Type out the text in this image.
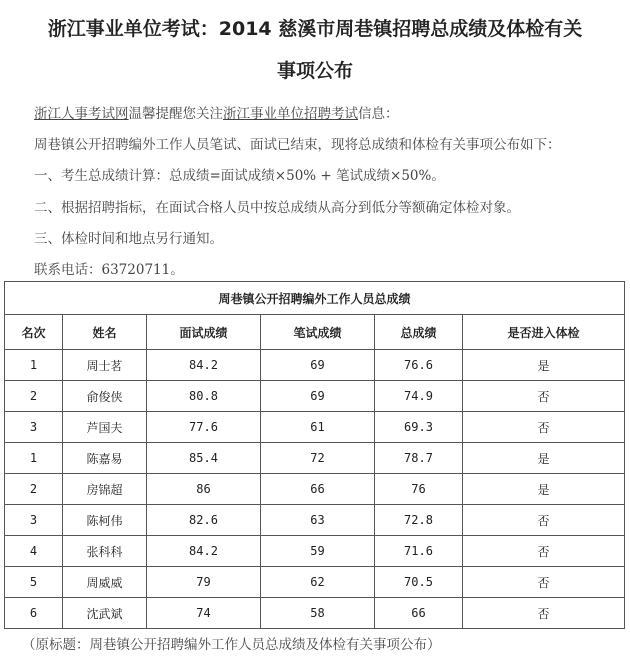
浙江事业单位考试：2014 慈溪市周巷镇招聘总成绩及体检有关
事项公布
浙江人事考试网温馨提醒您关注浙江事业单位招聘考试信息：
周巷镇公开招聘编外工作人员笔试、面试已结束，现将总成绩和体检有关事项公布如下：
一、考生总成绩计算：总成绩=面试成绩×50% + 笔试成绩×50%。
二、根据招聘指标，在面试合格人员中按总成绩从高分到低分等额确定体检对象。
三、体检时间和地点另行通知。
联系电话：63720711。
周巷镇公开招聘编外工作人员总成绩					
名次	姓名	面试成绩	笔试成绩	总成绩	是否进入体检
1	周士茗	84.2	69	76.6	是
2	俞俊侠	80.8	69	74.9	否
3	芦国夫	77.6	61	69.3	否
1	陈嘉易	85.4	72	78.7	是
2	房锦超	86	66	76	是
3	陈柯伟	82.6	63	72.8	否
4	张科科	84.2	59	71.6	否
5	周威威	79	62	70.5	否
6	沈武斌	74	58	66	否
（原标题：周巷镇公开招聘编外工作人员总成绩及体检有关事项公布）
